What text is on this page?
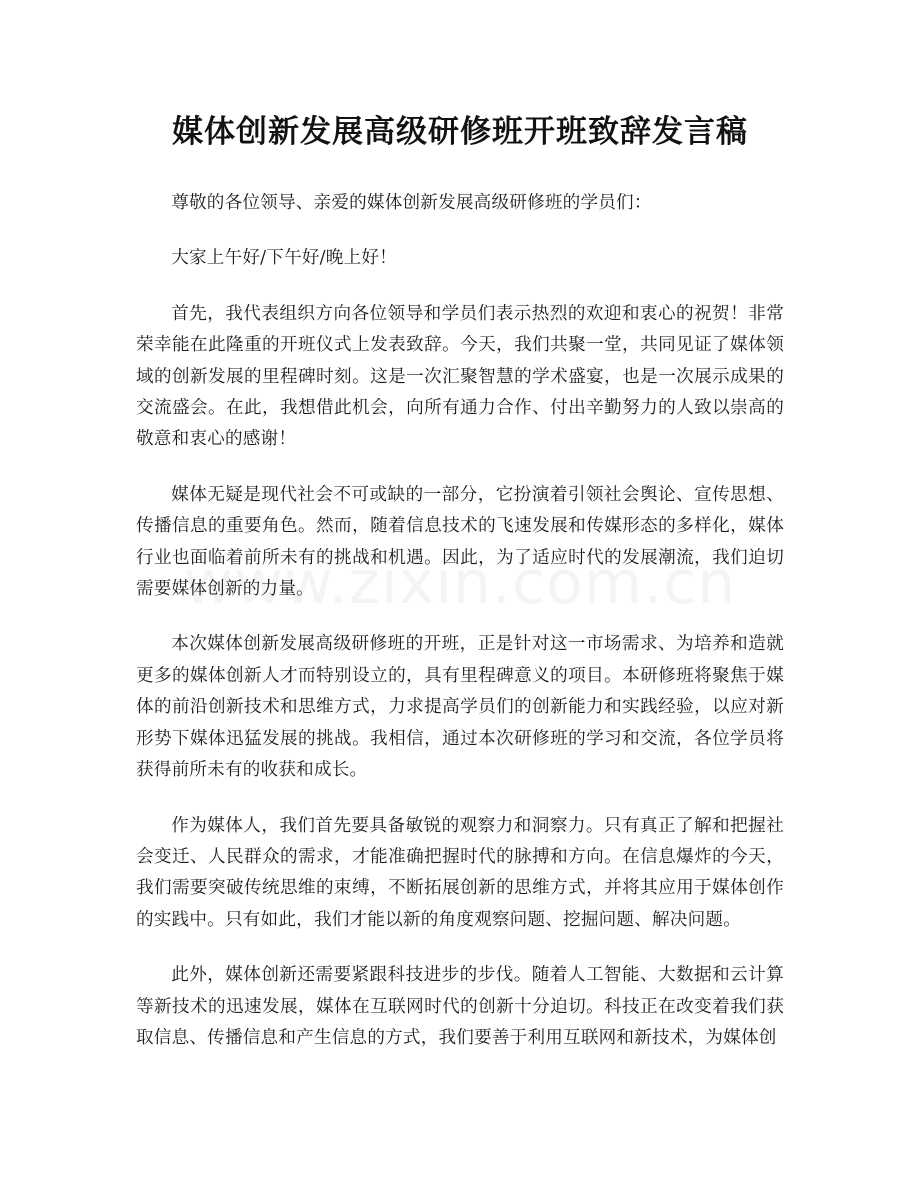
媒体创新发展高级研修班开班致辞发言稿

尊敬的各位领导、亲爱的媒体创新发展高级研修班的学员们：

大家上午好/下午好/晚上好！

首先，我代表组织方向各位领导和学员们表示热烈的欢迎和衷心的祝贺！非常荣幸能在此隆重的开班仪式上发表致辞。今天，我们共聚一堂，共同见证了媒体领域的创新发展的里程碑时刻。这是一次汇聚智慧的学术盛宴，也是一次展示成果的交流盛会。在此，我想借此机会，向所有通力合作、付出辛勤努力的人致以崇高的敬意和衷心的感谢！

媒体无疑是现代社会不可或缺的一部分，它扮演着引领社会舆论、宣传思想、传播信息的重要角色。然而，随着信息技术的飞速发展和传媒形态的多样化，媒体行业也面临着前所未有的挑战和机遇。因此，为了适应时代的发展潮流，我们迫切需要媒体创新的力量。

本次媒体创新发展高级研修班的开班，正是针对这一市场需求、为培养和造就更多的媒体创新人才而特别设立的，具有里程碑意义的项目。本研修班将聚焦于媒体的前沿创新技术和思维方式，力求提高学员们的创新能力和实践经验，以应对新形势下媒体迅猛发展的挑战。我相信，通过本次研修班的学习和交流，各位学员将获得前所未有的收获和成长。

作为媒体人，我们首先要具备敏锐的观察力和洞察力。只有真正了解和把握社会变迁、人民群众的需求，才能准确把握时代的脉搏和方向。在信息爆炸的今天，我们需要突破传统思维的束缚，不断拓展创新的思维方式，并将其应用于媒体创作的实践中。只有如此，我们才能以新的角度观察问题、挖掘问题、解决问题。

此外，媒体创新还需要紧跟科技进步的步伐。随着人工智能、大数据和云计算等新技术的迅速发展，媒体在互联网时代的创新十分迫切。科技正在改变着我们获取信息、传播信息和产生信息的方式，我们要善于利用互联网和新技术，为媒体创
